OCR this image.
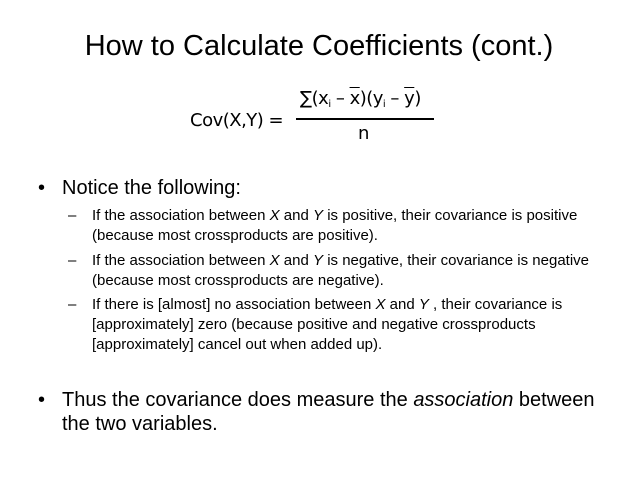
How to Calculate Coefficients (cont.)
Cov(X,Y) =
$\sum(x_i - \overline{x})(y_i - \overline{y})$
n
• Notice the following:
– If the association between X and Y is positive, their covariance is positive (because most crossproducts are positive).
– If the association between X and Y is negative, their covariance is negative (because most crossproducts are negative).
– If there is [almost] no association between X and Y , their covariance is [approximately] zero (because positive and negative crossproducts [approximately] cancel out when added up).
• Thus the covariance does measure the association between the two variables.
